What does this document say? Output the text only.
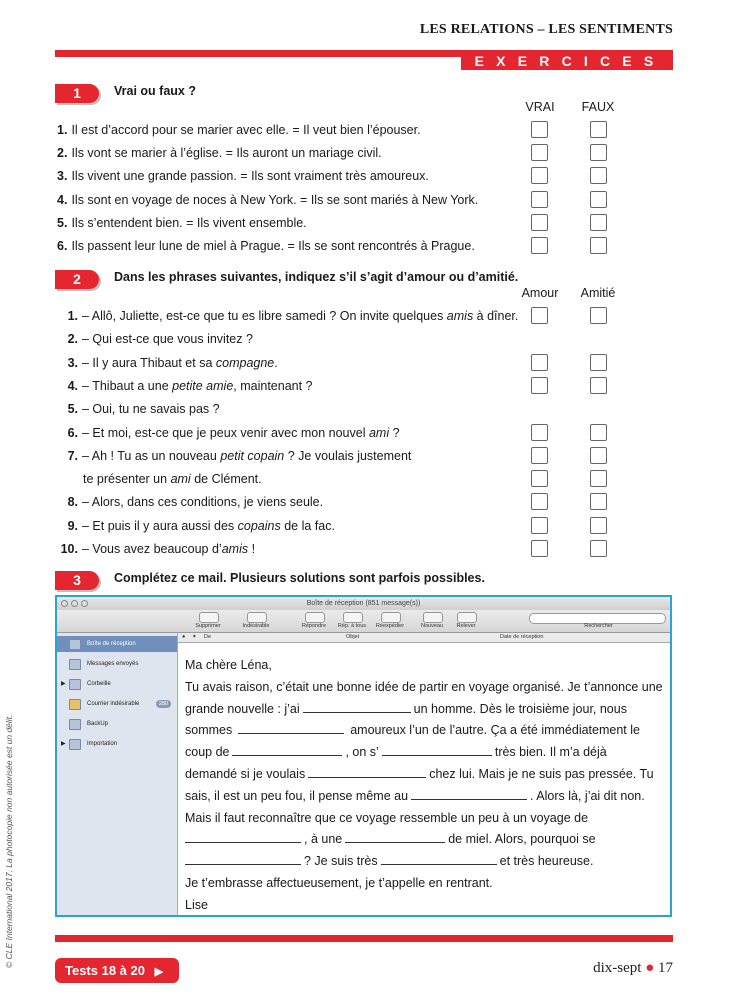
LES RELATIONS – LES SENTIMENTS
EXERCICES
1	Vrai ou faux ?
VRAI	FAUX
1. Il est d’accord pour se marier avec elle. = Il veut bien l’épouser.
2. Ils vont se marier à l’église. = Ils auront un mariage civil.
3. Ils vivent une grande passion. = Ils sont vraiment très amoureux.
4. Ils sont en voyage de noces à New York. = Ils se sont mariés à New York.
5. Ils s’entendent bien. = Ils vivent ensemble.
6. Ils passent leur lune de miel à Prague. = Ils se sont rencontrés à Prague.
2	Dans les phrases suivantes, indiquez s’il s’agit d’amour ou d’amitié.
Amour	Amitié
1. – Allô, Juliette, est-ce que tu es libre samedi ? On invite quelques amis à dîner.
2. – Qui est-ce que vous invitez ?
3. – Il y aura Thibaut et sa compagne.
4. – Thibaut a une petite amie, maintenant ?
5. – Oui, tu ne savais pas ?
6. – Et moi, est-ce que je peux venir avec mon nouvel ami ?
7. – Ah ! Tu as un nouveau petit copain ? Je voulais justement
te présenter un ami de Clément.
8. – Alors, dans ces conditions, je viens seule.
9. – Et puis il y aura aussi des copains de la fac.
10. – Vous avez beaucoup d’amis !
3	Complétez ce mail. Plusieurs solutions sont parfois possibles.
Boîte de réception (851 message(s))
Supprimer	Indésirable	Répondre	Rép. à tous	Réexpédier	Nouveau	Relever	Rechercher
Boîte de réception
Messages envoyés
▶	Corbeille
Courrier indésirable	280
BackUp
▶	Importation
● ✦ De	Objet	Date de réception
Ma chère Léna,
Tu avais raison, c’était une bonne idée de partir en voyage organisé. Je t’annonce une
grande nouvelle : j’ai	un homme. Dès le troisième jour, nous
sommes	amoureux l’un de l’autre. Ça a été immédiatement le
coup de	, on s’	très bien. Il m’a déjà
demandé si je voulais	chez lui. Mais je ne suis pas pressée. Tu
sais, il est un peu fou, il pense même au	. Alors là, j’ai dit non.
Mais il faut reconnaître que ce voyage ressemble un peu à un voyage de
, à une	de miel. Alors, pourquoi se
? Je suis très	et très heureuse.
Je t’embrasse affectueusement, je t’appelle en rentrant.
Lise
© CLE International 2017. La photocopie non autorisée est un délit.
Tests 18 à 20 ▶	dix-sept ● 17
